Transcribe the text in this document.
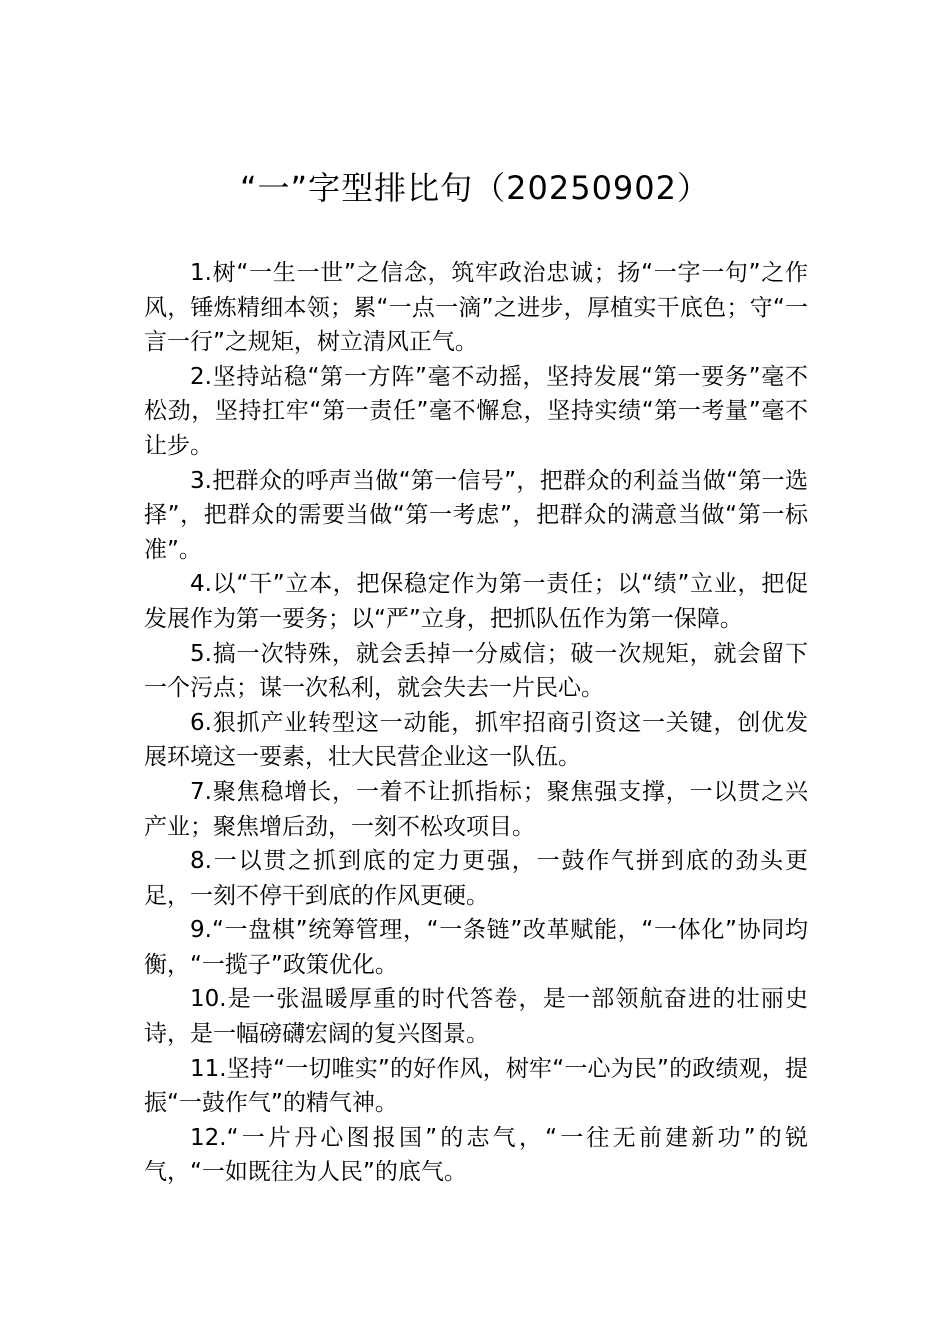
“一”字型排比句（20250902）

1.树“一生一世”之信念，筑牢政治忠诚；扬“一字一句”之作风，锤炼精细本领；累“一点一滴”之进步，厚植实干底色；守“一言一行”之规矩，树立清风正气。

2.坚持站稳“第一方阵”毫不动摇，坚持发展“第一要务”毫不松劲，坚持扛牢“第一责任”毫不懈怠，坚持实绩“第一考量”毫不让步。

3.把群众的呼声当做“第一信号”，把群众的利益当做“第一选择”，把群众的需要当做“第一考虑”，把群众的满意当做“第一标准”。

4.以“干”立本，把保稳定作为第一责任；以“绩”立业，把促发展作为第一要务；以“严”立身，把抓队伍作为第一保障。

5.搞一次特殊，就会丢掉一分威信；破一次规矩，就会留下一个污点；谋一次私利，就会失去一片民心。

6.狠抓产业转型这一动能，抓牢招商引资这一关键，创优发展环境这一要素，壮大民营企业这一队伍。

7.聚焦稳增长，一着不让抓指标；聚焦强支撑，一以贯之兴产业；聚焦增后劲，一刻不松攻项目。

8.一以贯之抓到底的定力更强，一鼓作气拼到底的劲头更足，一刻不停干到底的作风更硬。

9.“一盘棋”统筹管理，“一条链”改革赋能，“一体化”协同均衡，“一揽子”政策优化。

10.是一张温暖厚重的时代答卷，是一部领航奋进的壮丽史诗，是一幅磅礴宏阔的复兴图景。

11.坚持“一切唯实”的好作风，树牢“一心为民”的政绩观，提振“一鼓作气”的精气神。

12.“一片丹心图报国”的志气，“一往无前建新功”的锐气，“一如既往为人民”的底气。
